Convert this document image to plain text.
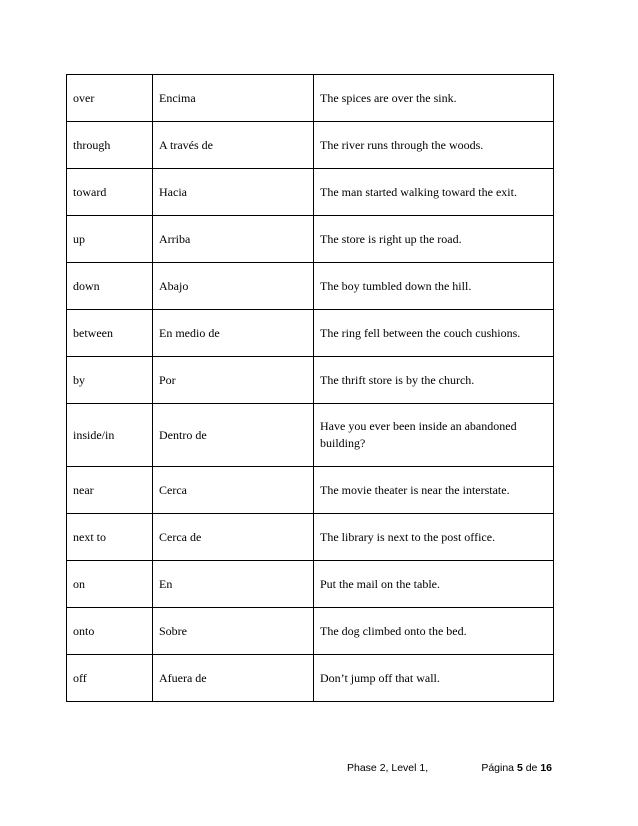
over	Encima	The spices are over the sink.
through	A través de	The river runs through the woods.
toward	Hacia	The man started walking toward the exit.
up	Arriba	The store is right up the road.
down	Abajo	The boy tumbled down the hill.
between	En medio de	The ring fell between the couch cushions.
by	Por	The thrift store is by the church.
inside/in	Dentro de	Have you ever been inside an abandoned building?
near	Cerca	The movie theater is near the interstate.
next to	Cerca de	The library is next to the post office.
on	En	Put the mail on the table.
onto	Sobre	The dog climbed onto the bed.
off	Afuera de	Don’t jump off that wall.
Phase 2, Level 1,	Página 5 de 16
